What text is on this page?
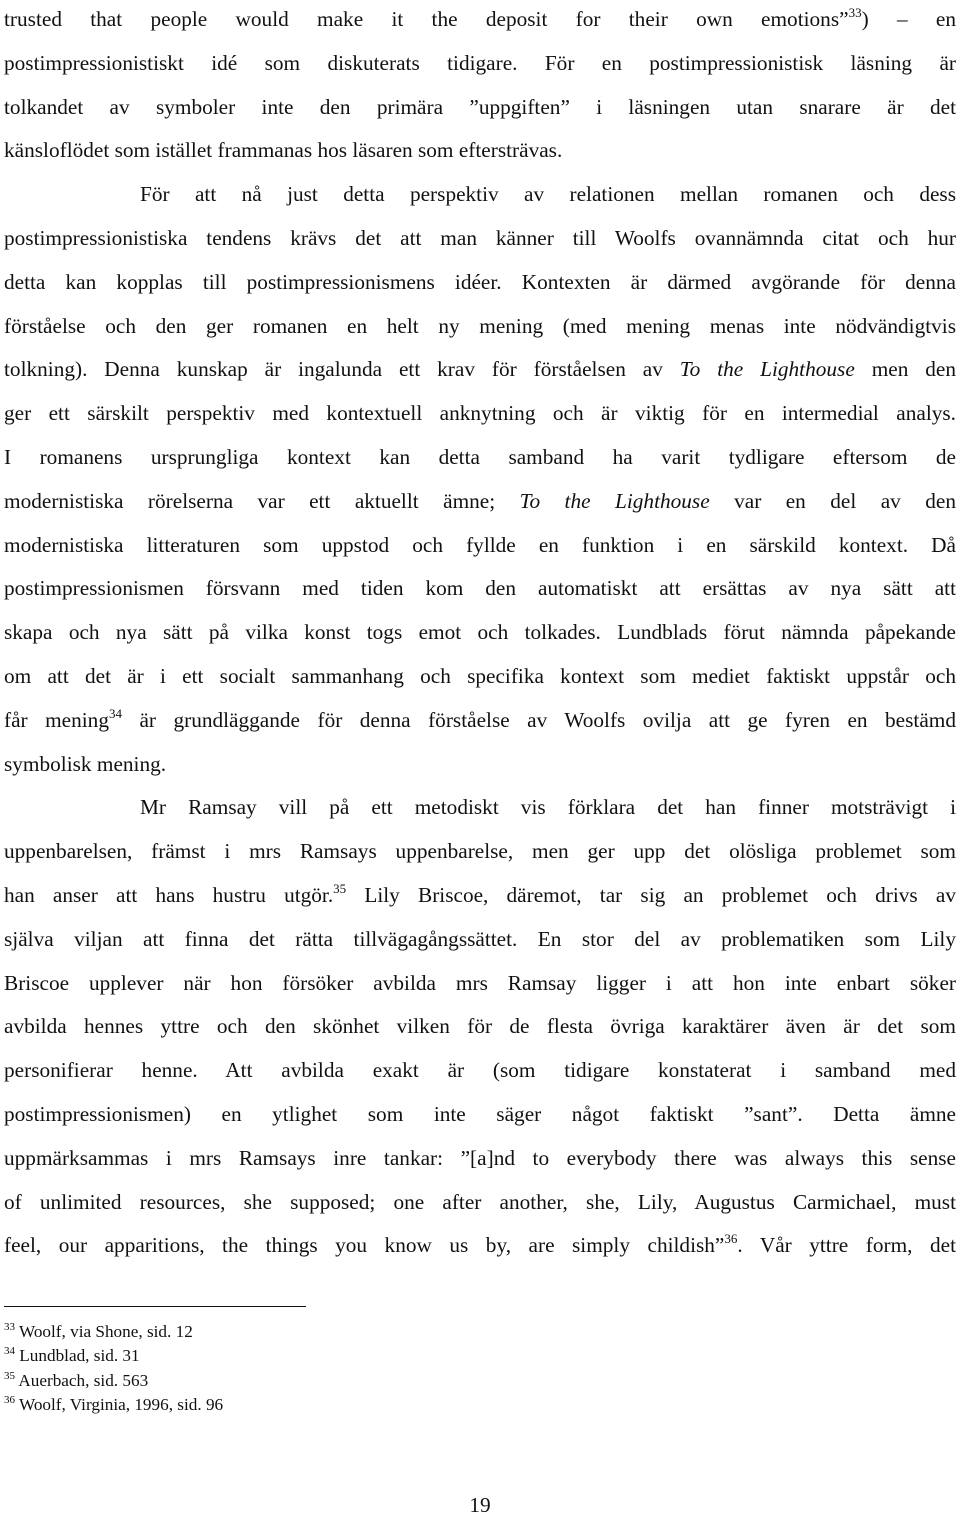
trusted that people would make it the deposit for their own emotions”$^{33}$) – en
postimpressionistiskt idé som diskuterats tidigare. För en postimpressionistisk läsning är
tolkandet av symboler inte den primära ”uppgiften” i läsningen utan snarare är det
känsloflödet som istället frammanas hos läsaren som eftersträvas.
För att nå just detta perspektiv av relationen mellan romanen och dess
postimpressionistiska tendens krävs det att man känner till Woolfs ovannämnda citat och hur
detta kan kopplas till postimpressionismens idéer. Kontexten är därmed avgörande för denna
förståelse och den ger romanen en helt ny mening (med mening menas inte nödvändigtvis
tolkning). Denna kunskap är ingalunda ett krav för förståelsen av To the Lighthouse men den
ger ett särskilt perspektiv med kontextuell anknytning och är viktig för en intermedial analys.
I romanens ursprungliga kontext kan detta samband ha varit tydligare eftersom de
modernistiska rörelserna var ett aktuellt ämne; To the Lighthouse var en del av den
modernistiska litteraturen som uppstod och fyllde en funktion i en särskild kontext. Då
postimpressionismen försvann med tiden kom den automatiskt att ersättas av nya sätt att
skapa och nya sätt på vilka konst togs emot och tolkades. Lundblads förut nämnda påpekande
om att det är i ett socialt sammanhang och specifika kontext som mediet faktiskt uppstår och
får mening$^{34}$ är grundläggande för denna förståelse av Woolfs ovilja att ge fyren en bestämd
symbolisk mening.
Mr Ramsay vill på ett metodiskt vis förklara det han finner motsträvigt i
uppenbarelsen, främst i mrs Ramsays uppenbarelse, men ger upp det olösliga problemet som
han anser att hans hustru utgör.$^{35}$ Lily Briscoe, däremot, tar sig an problemet och drivs av
själva viljan att finna det rätta tillvägagångssättet. En stor del av problematiken som Lily
Briscoe upplever när hon försöker avbilda mrs Ramsay ligger i att hon inte enbart söker
avbilda hennes yttre och den skönhet vilken för de flesta övriga karaktärer även är det som
personifierar henne. Att avbilda exakt är (som tidigare konstaterat i samband med
postimpressionismen) en ytlighet som inte säger något faktiskt ”sant”. Detta ämne
uppmärksammas i mrs Ramsays inre tankar: ”[a]nd to everybody there was always this sense
of unlimited resources, she supposed; one after another, she, Lily, Augustus Carmichael, must
feel, our apparitions, the things you know us by, are simply childish”$^{36}$. Vår yttre form, det
$^{33}$ Woolf, via Shone, sid. 12
$^{34}$ Lundblad, sid. 31
$^{35}$ Auerbach, sid. 563
$^{36}$ Woolf, Virginia, 1996, sid. 96
19
